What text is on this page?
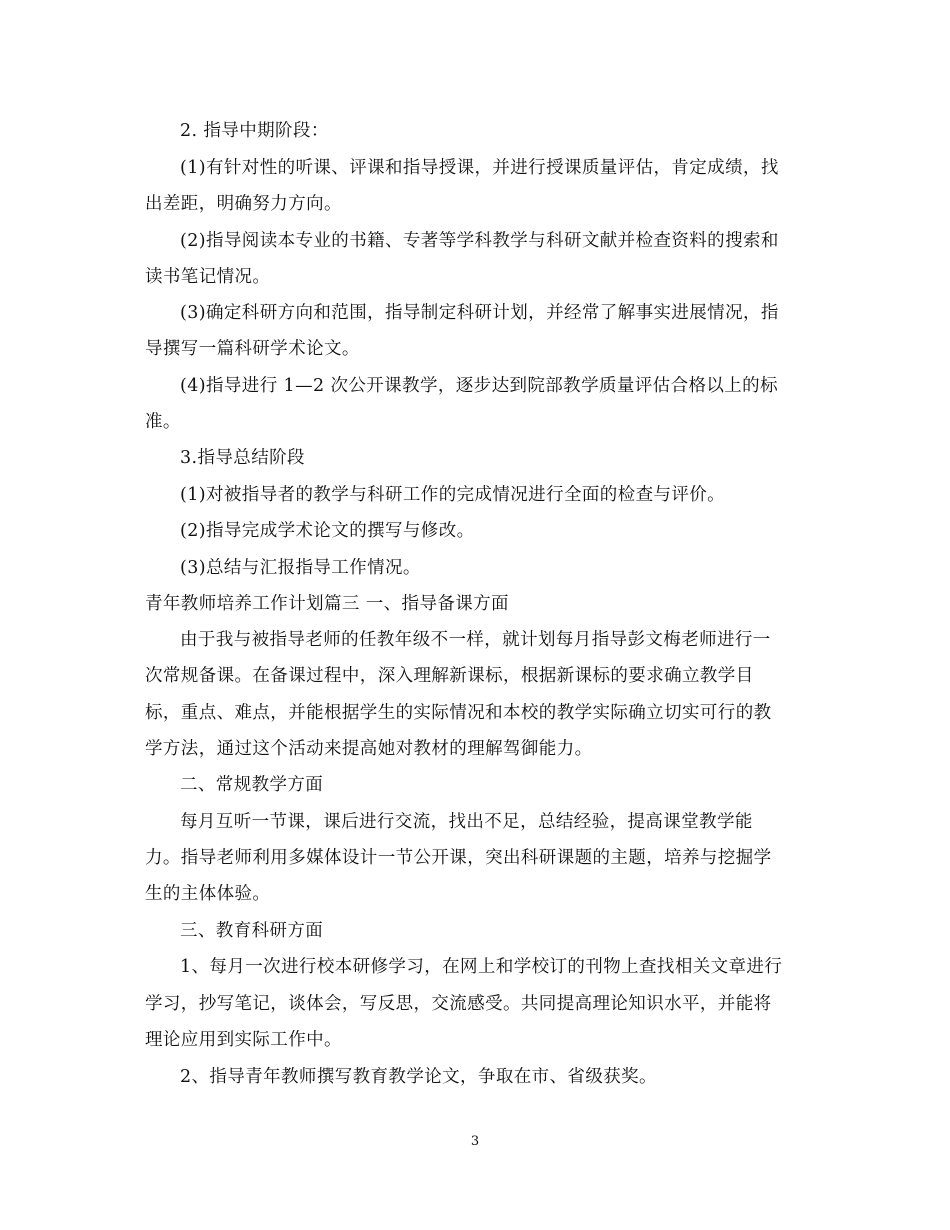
2. 指导中期阶段：
(1)有针对性的听课、评课和指导授课，并进行授课质量评估，肯定成绩，找
出差距，明确努力方向。
(2)指导阅读本专业的书籍、专著等学科教学与科研文献并检查资料的搜索和
读书笔记情况。
(3)确定科研方向和范围，指导制定科研计划，并经常了解事实进展情况，指
导撰写一篇科研学术论文。
(4)指导进行 1—2 次公开课教学，逐步达到院部教学质量评估合格以上的标
准。
3.指导总结阶段
(1)对被指导者的教学与科研工作的完成情况进行全面的检查与评价。
(2)指导完成学术论文的撰写与修改。
(3)总结与汇报指导工作情况。
青年教师培养工作计划篇三 一、指导备课方面
由于我与被指导老师的任教年级不一样，就计划每月指导彭文梅老师进行一
次常规备课。在备课过程中，深入理解新课标，根据新课标的要求确立教学目
标，重点、难点，并能根据学生的实际情况和本校的教学实际确立切实可行的教
学方法，通过这个活动来提高她对教材的理解驾御能力。
二、常规教学方面
每月互听一节课，课后进行交流，找出不足，总结经验，提高课堂教学能
力。指导老师利用多媒体设计一节公开课，突出科研课题的主题，培养与挖掘学
生的主体体验。
三、教育科研方面
1、每月一次进行校本研修学习，在网上和学校订的刊物上查找相关文章进行
学习，抄写笔记，谈体会，写反思，交流感受。共同提高理论知识水平，并能将
理论应用到实际工作中。
2、指导青年教师撰写教育教学论文，争取在市、省级获奖。
3
